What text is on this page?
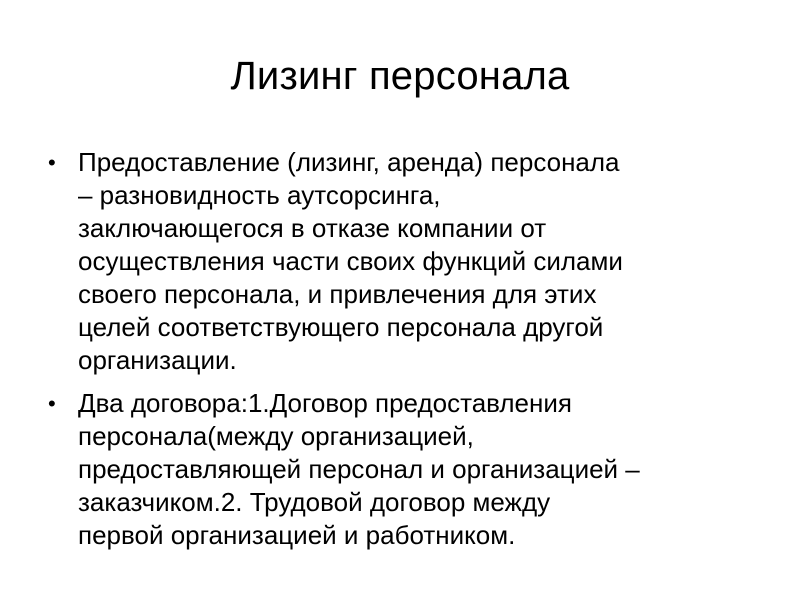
Лизинг персонала
• Предоставление (лизинг, аренда) персонала
– разновидность аутсорсинга,
заключающегося в отказе компании от
осуществления части своих функций силами
своего персонала, и привлечения для этих
целей соответствующего персонала другой
организации.
• Два договора:1.Договор предоставления
персонала(между организацией,
предоставляющей персонал и организацией –
заказчиком.2. Трудовой договор между
первой организацией и работником.
